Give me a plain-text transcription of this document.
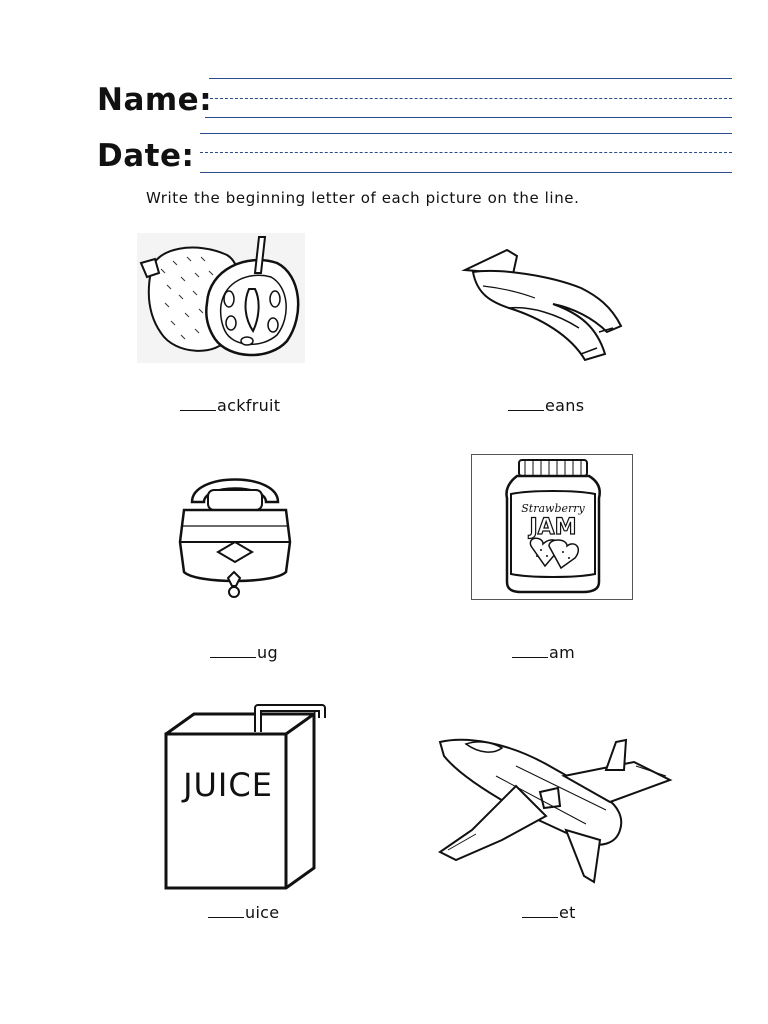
Name:
Date:
Write the beginning letter of each picture on the line.
ackfruit	eans
Strawberry
JAM
ug	am
JUICE
uice	et
